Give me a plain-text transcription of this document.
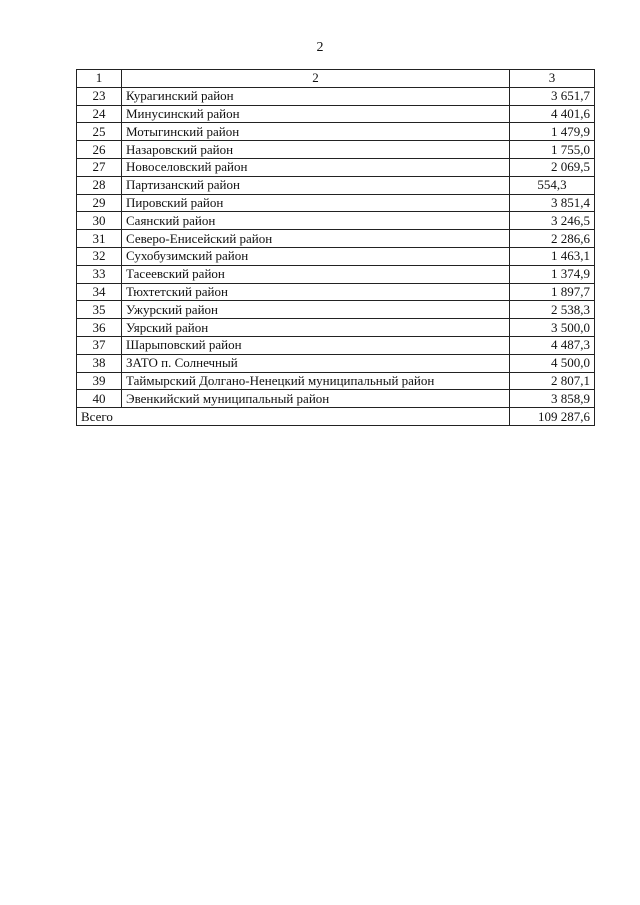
2
1	2	3
23	Курагинский район	3 651,7
24	Минусинский район	4 401,6
25	Мотыгинский район	1 479,9
26	Назаровский район	1 755,0
27	Новоселовский район	2 069,5
28	Партизанский район	554,3
29	Пировский район	3 851,4
30	Саянский район	3 246,5
31	Северо-Енисейский район	2 286,6
32	Сухобузимский район	1 463,1
33	Тасеевский район	1 374,9
34	Тюхтетский район	1 897,7
35	Ужурский район	2 538,3
36	Уярский район	3 500,0
37	Шарыповский район	4 487,3
38	ЗАТО п. Солнечный	4 500,0
39	Таймырский Долгано-Ненецкий муниципальный район	2 807,1
40	Эвенкийский муниципальный район	3 858,9
Всего		109 287,6
